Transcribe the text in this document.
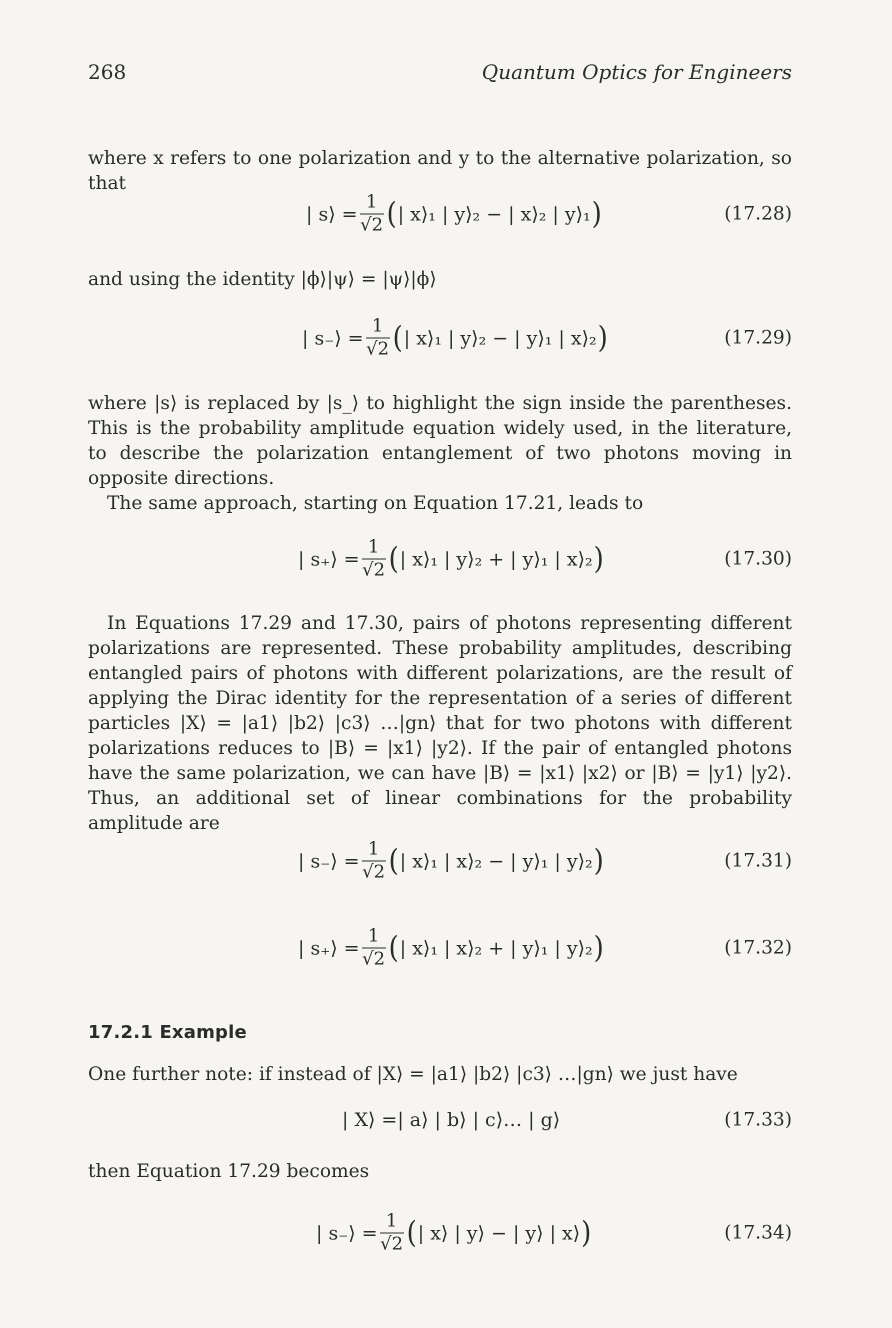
268	Quantum Optics for Engineers

where x refers to one polarization and y to the alternative polarization, so that

| s⟩ = $\frac{1}{√2}$ ( | x⟩₁ | y⟩₂ − | x⟩₂ | y⟩₁ )	(17.28)

and using the identity |ϕ⟩|ψ⟩ = |ψ⟩|ϕ⟩

| s₋⟩ = $\frac{1}{√2}$ ( | x⟩₁ | y⟩₂ − | y⟩₁ | x⟩₂ )	(17.29)

where |s⟩ is replaced by |s_⟩ to highlight the sign inside the parentheses. This is the probability amplitude equation widely used, in the literature, to describe the polarization entanglement of two photons moving in opposite directions.

The same approach, starting on Equation 17.21, leads to

| s₊⟩ = $\frac{1}{√2}$ ( | x⟩₁ | y⟩₂ + | y⟩₁ | x⟩₂ )	(17.30)

In Equations 17.29 and 17.30, pairs of photons representing different polarizations are represented. These probability amplitudes, describing entangled pairs of photons with different polarizations, are the result of applying the Dirac identity for the representation of a series of different particles |X⟩ = |a1⟩ |b2⟩ |c3⟩ …|gn⟩ that for two photons with different polarizations reduces to |B⟩ = |x1⟩ |y2⟩. If the pair of entangled photons have the same polarization, we can have |B⟩ = |x1⟩ |x2⟩ or |B⟩ = |y1⟩ |y2⟩. Thus, an additional set of linear combinations for the probability amplitude are

| s₋⟩ = $\frac{1}{√2}$ ( | x⟩₁ | x⟩₂ − | y⟩₁ | y⟩₂ )	(17.31)
| s₊⟩ = $\frac{1}{√2}$ ( | x⟩₁ | x⟩₂ + | y⟩₁ | y⟩₂ )	(17.32)
17.2.1 Example

One further note: if instead of |X⟩ = |a1⟩ |b2⟩ |c3⟩ …|gn⟩ we just have

| X⟩ =| a⟩ | b⟩ | c⟩… | g⟩	(17.33)

then Equation 17.29 becomes

| s₋⟩ = $\frac{1}{√2}$ ( | x⟩ | y⟩ − | y⟩ | x⟩ )	(17.34)
